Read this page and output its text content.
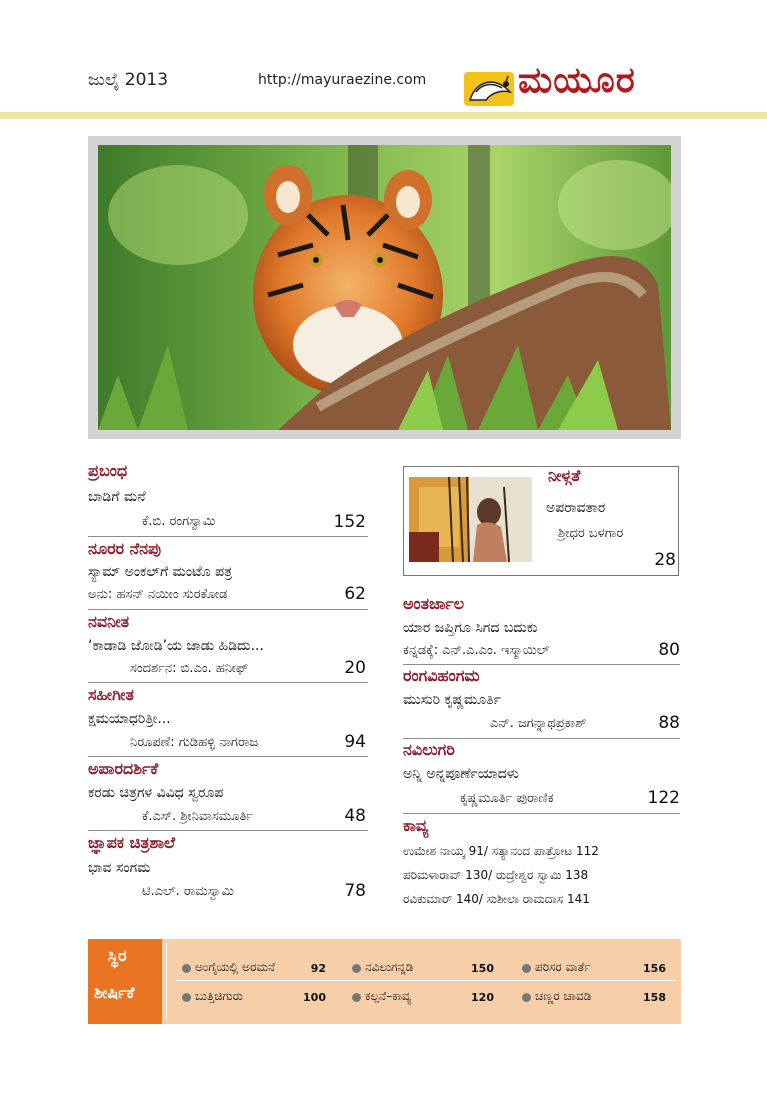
ಜುಲೈ 2013	http://mayuraezine.com	ಮಯೂರ
ಪ್ರಬಂಧ
ಬಾಡಿಗೆ ಮನೆ
ಕೆ.ಬಿ. ರಂಗಸ್ವಾಮಿ	152
ನೂರರ ನೆನಪು
ಸ್ಯಾಮ್ ಅಂಕಲ್‌ಗೆ ಮಂಟೊ ಪತ್ರ
ಅನು: ಹಸನ್ ನಯೀಂ ಸುರಕೋಡ	62
ನವನೀತ
‘ಕಾಡಾಡಿ ಜೋಡಿ’ಯ ಜಾಡು ಹಿಡಿದು...
ಸಂದರ್ಶನ: ಬಿ.ಎಂ. ಹನೀಫ್	20
ಸಹೀಗೀತ
ಕ್ಷಮಯಾಧರಿತ್ರೀ...
ನಿರೂಪಣೆ: ಗುಡಿಹಳ್ಳಿ ನಾಗರಾಜ	94
ಅಪಾರದರ್ಶಿಕೆ
ಕರಡು ಚಿತ್ರಗಳ ವಿವಿಧ ಸ್ವರೂಪ
ಕೆ.ಎಸ್. ಶ್ರೀನಿವಾಸಮೂರ್ತಿ	48
ಜ್ಞಾಪಕ ಚಿತ್ರಶಾಲೆ
ಭಾವ ಸಂಗಮ
ಟಿ.ಎಲ್. ರಾಮಸ್ವಾಮಿ	78
ನೀಳ್ಗತೆ
ಅಪರಾವತಾರ
ಶ್ರೀಧರ ಬಳಗಾರ
28
ಅಂತರ್ಜಾಲ
ಯಾರ ಜಪ್ತಿಗೂ ಸಿಗದ ಬದುಕು
ಕನ್ನಡಕ್ಕೆ: ಎನ್.ಎ.ಎಂ. ಇಸ್ಮಾಯಿಲ್	80
ರಂಗವಿಹಂಗಮ
ಮುಸುರಿ ಕೃಷ್ಣಮೂರ್ತಿ
ಎನ್. ಜಗನ್ನಾಥಪ್ರಕಾಶ್	88
ನವಿಲುಗರಿ
ಅನ್ನಿ ಅನ್ನಪೂರ್ಣೆಯಾದಳು
ಕೃಷ್ಣಮೂರ್ತಿ ಪುರಾಣಿಕ	122
ಕಾವ್ಯ
ಉಮೇಶ ನಾಯ್ಕ 91/ ಸತ್ಯಾನಂದ ಪಾತ್ರೋಟ 112
ಪರಿಮಳಾರಾವ್ 130/ ರುದ್ರೇಶ್ವರ ಸ್ವಾಮಿ 138
ರವಿಕುಮಾರ್ 140/ ಸುಶೀಲಾ ರಾಮದಾಸ 141
ಸ್ಥಿರ
ಶೀರ್ಷಿಕೆ
ಅಂಗೈಯಲ್ಲಿ ಅರಮನೆ	92	ನವಿಲುಗನ್ನಡಿ	150	ಪರಿಸರ ವಾರ್ತೆ	156
ಬುತ್ತಿಚಿಗುರು	100	ಕಲ್ಪನೆ–ಕಾವ್ಯ	120	ಚಣ್ಣರ ಚಾವಡಿ	158
